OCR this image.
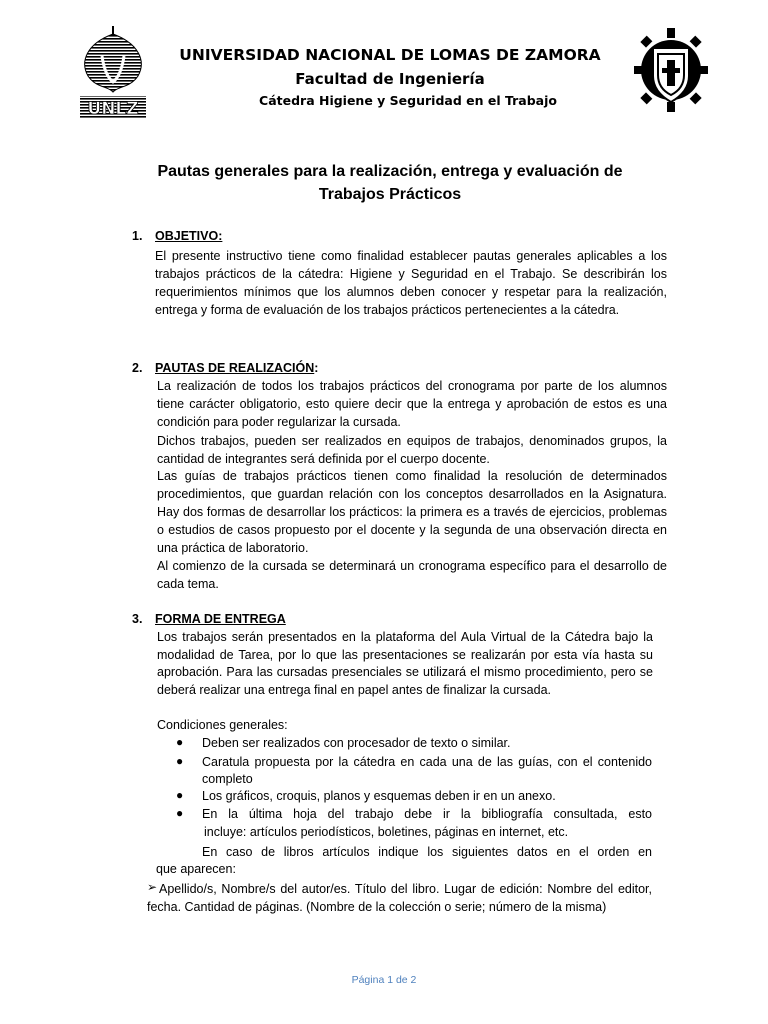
UNLZ
UNIVERSIDAD NACIONAL DE LOMAS DE ZAMORA
Facultad de Ingeniería
Cátedra Higiene y Seguridad en el Trabajo
Pautas generales para la realización, entrega y evaluación de
Trabajos Prácticos
1. OBJETIVO:
El presente instructivo tiene como finalidad establecer pautas generales aplicables a los trabajos prácticos de la cátedra: Higiene y Seguridad en el Trabajo. Se describirán los requerimientos mínimos que los alumnos deben conocer y respetar para la realización, entrega y forma de evaluación de los trabajos prácticos pertenecientes a la cátedra.
2. PAUTAS DE REALIZACIÓN:
La realización de todos los trabajos prácticos del cronograma por parte de los alumnos tiene carácter obligatorio, esto quiere decir que la entrega y aprobación de estos es una condición para poder regularizar la cursada.
Dichos trabajos, pueden ser realizados en equipos de trabajos, denominados grupos, la cantidad de integrantes será definida por el cuerpo docente.
Las guías de trabajos prácticos tienen como finalidad la resolución de determinados procedimientos, que guardan relación con los conceptos desarrollados en la Asignatura. Hay dos formas de desarrollar los prácticos: la primera es a través de ejercicios, problemas o estudios de casos propuesto por el docente y la segunda de una observación directa en una práctica de laboratorio.
Al comienzo de la cursada se determinará un cronograma específico para el desarrollo de cada tema.
3. FORMA DE ENTREGA
Los trabajos serán presentados en la plataforma del Aula Virtual de la Cátedra bajo la modalidad de Tarea, por lo que las presentaciones se realizarán por esta vía hasta su aprobación. Para las cursadas presenciales se utilizará el mismo procedimiento, pero se deberá realizar una entrega final en papel antes de finalizar la cursada.
Condiciones generales:
● Deben ser realizados con procesador de texto o similar.
● Caratula propuesta por la cátedra en cada una de las guías, con el contenido completo
● Los gráficos, croquis, planos y esquemas deben ir en un anexo.
● En la última hoja del trabajo debe ir la bibliografía consultada, esto
incluye: artículos periodísticos, boletines, páginas en internet, etc.
En caso de libros artículos indique los siguientes datos en el orden en
que aparecen:
➢ Apellido/s, Nombre/s del autor/es. Título del libro. Lugar de edición: Nombre del editor, fecha. Cantidad de páginas. (Nombre de la colección o serie; número de la misma)
Página 1 de 2
